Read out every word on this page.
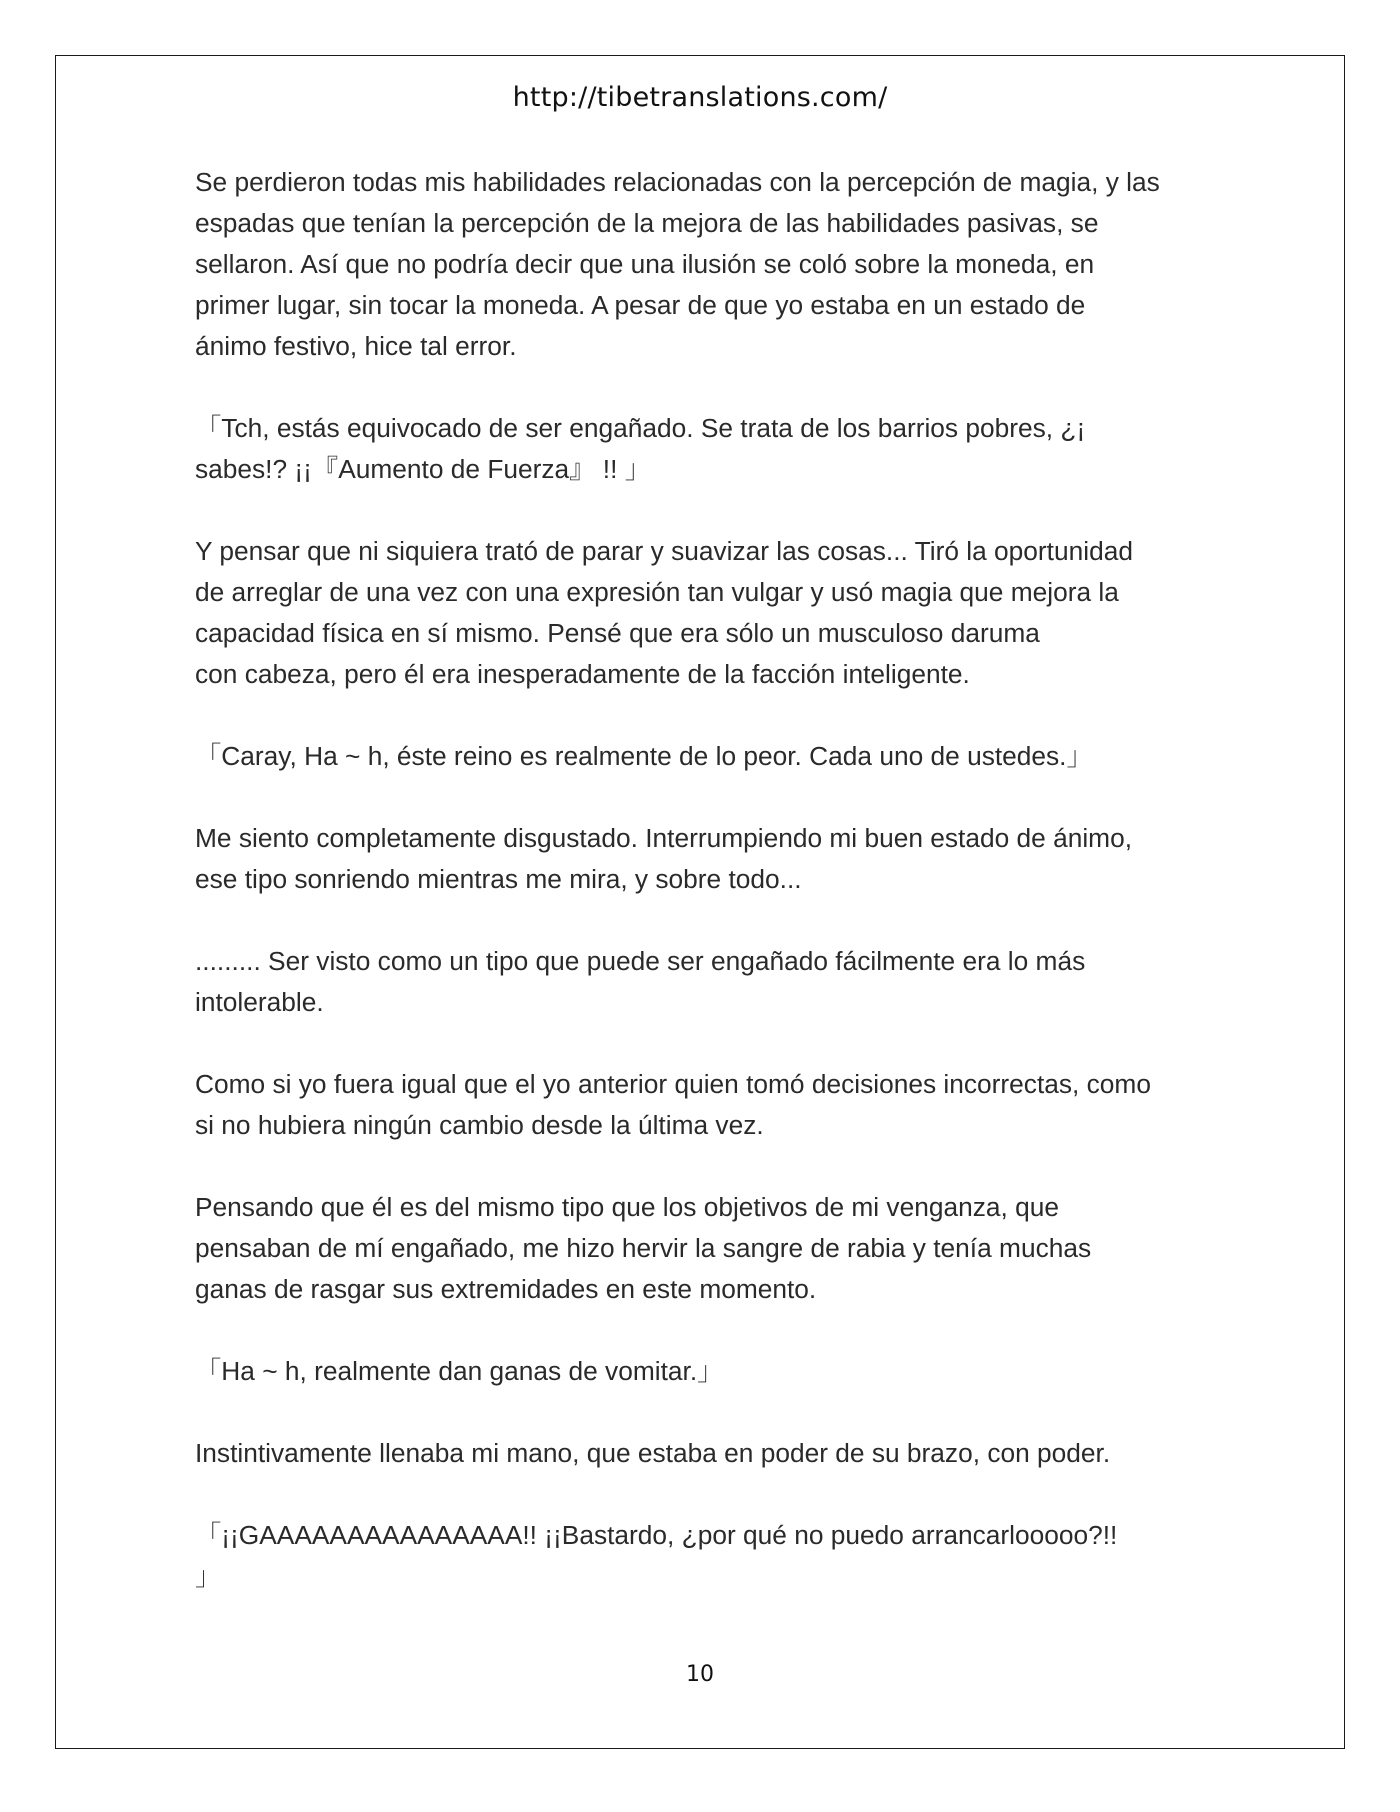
http://tibetranslations.com/

Se perdieron todas mis habilidades relacionadas con la percepción de magia, y las
espadas que tenían la percepción de la mejora de las habilidades pasivas, se
sellaron. Así que no podría decir que una ilusión se coló sobre la moneda, en
primer lugar, sin tocar la moneda. A pesar de que yo estaba en un estado de
ánimo festivo, hice tal error.

「Tch, estás equivocado de ser engañado. Se trata de los barrios pobres, ¿¡
sabes!? ¡¡『Aumento de Fuerza』 !! 」

Y pensar que ni siquiera trató de parar y suavizar las cosas... Tiró la oportunidad
de arreglar de una vez con una expresión tan vulgar y usó magia que mejora la
capacidad física en sí mismo. Pensé que era sólo un musculoso daruma
con cabeza, pero él era inesperadamente de la facción inteligente.

「Caray, Ha ~ h, éste reino es realmente de lo peor. Cada uno de ustedes.」

Me siento completamente disgustado. Interrumpiendo mi buen estado de ánimo,
ese tipo sonriendo mientras me mira, y sobre todo...

......... Ser visto como un tipo que puede ser engañado fácilmente era lo más
intolerable.

Como si yo fuera igual que el yo anterior quien tomó decisiones incorrectas, como
si no hubiera ningún cambio desde la última vez.

Pensando que él es del mismo tipo que los objetivos de mi venganza, que
pensaban de mí engañado, me hizo hervir la sangre de rabia y tenía muchas
ganas de rasgar sus extremidades en este momento.

「Ha ~ h, realmente dan ganas de vomitar.」

Instintivamente llenaba mi mano, que estaba en poder de su brazo, con poder.

「¡¡GAAAAAAAAAAAAAAA!! ¡¡Bastardo, ¿por qué no puedo arrancarlooooo?!!
」

10
